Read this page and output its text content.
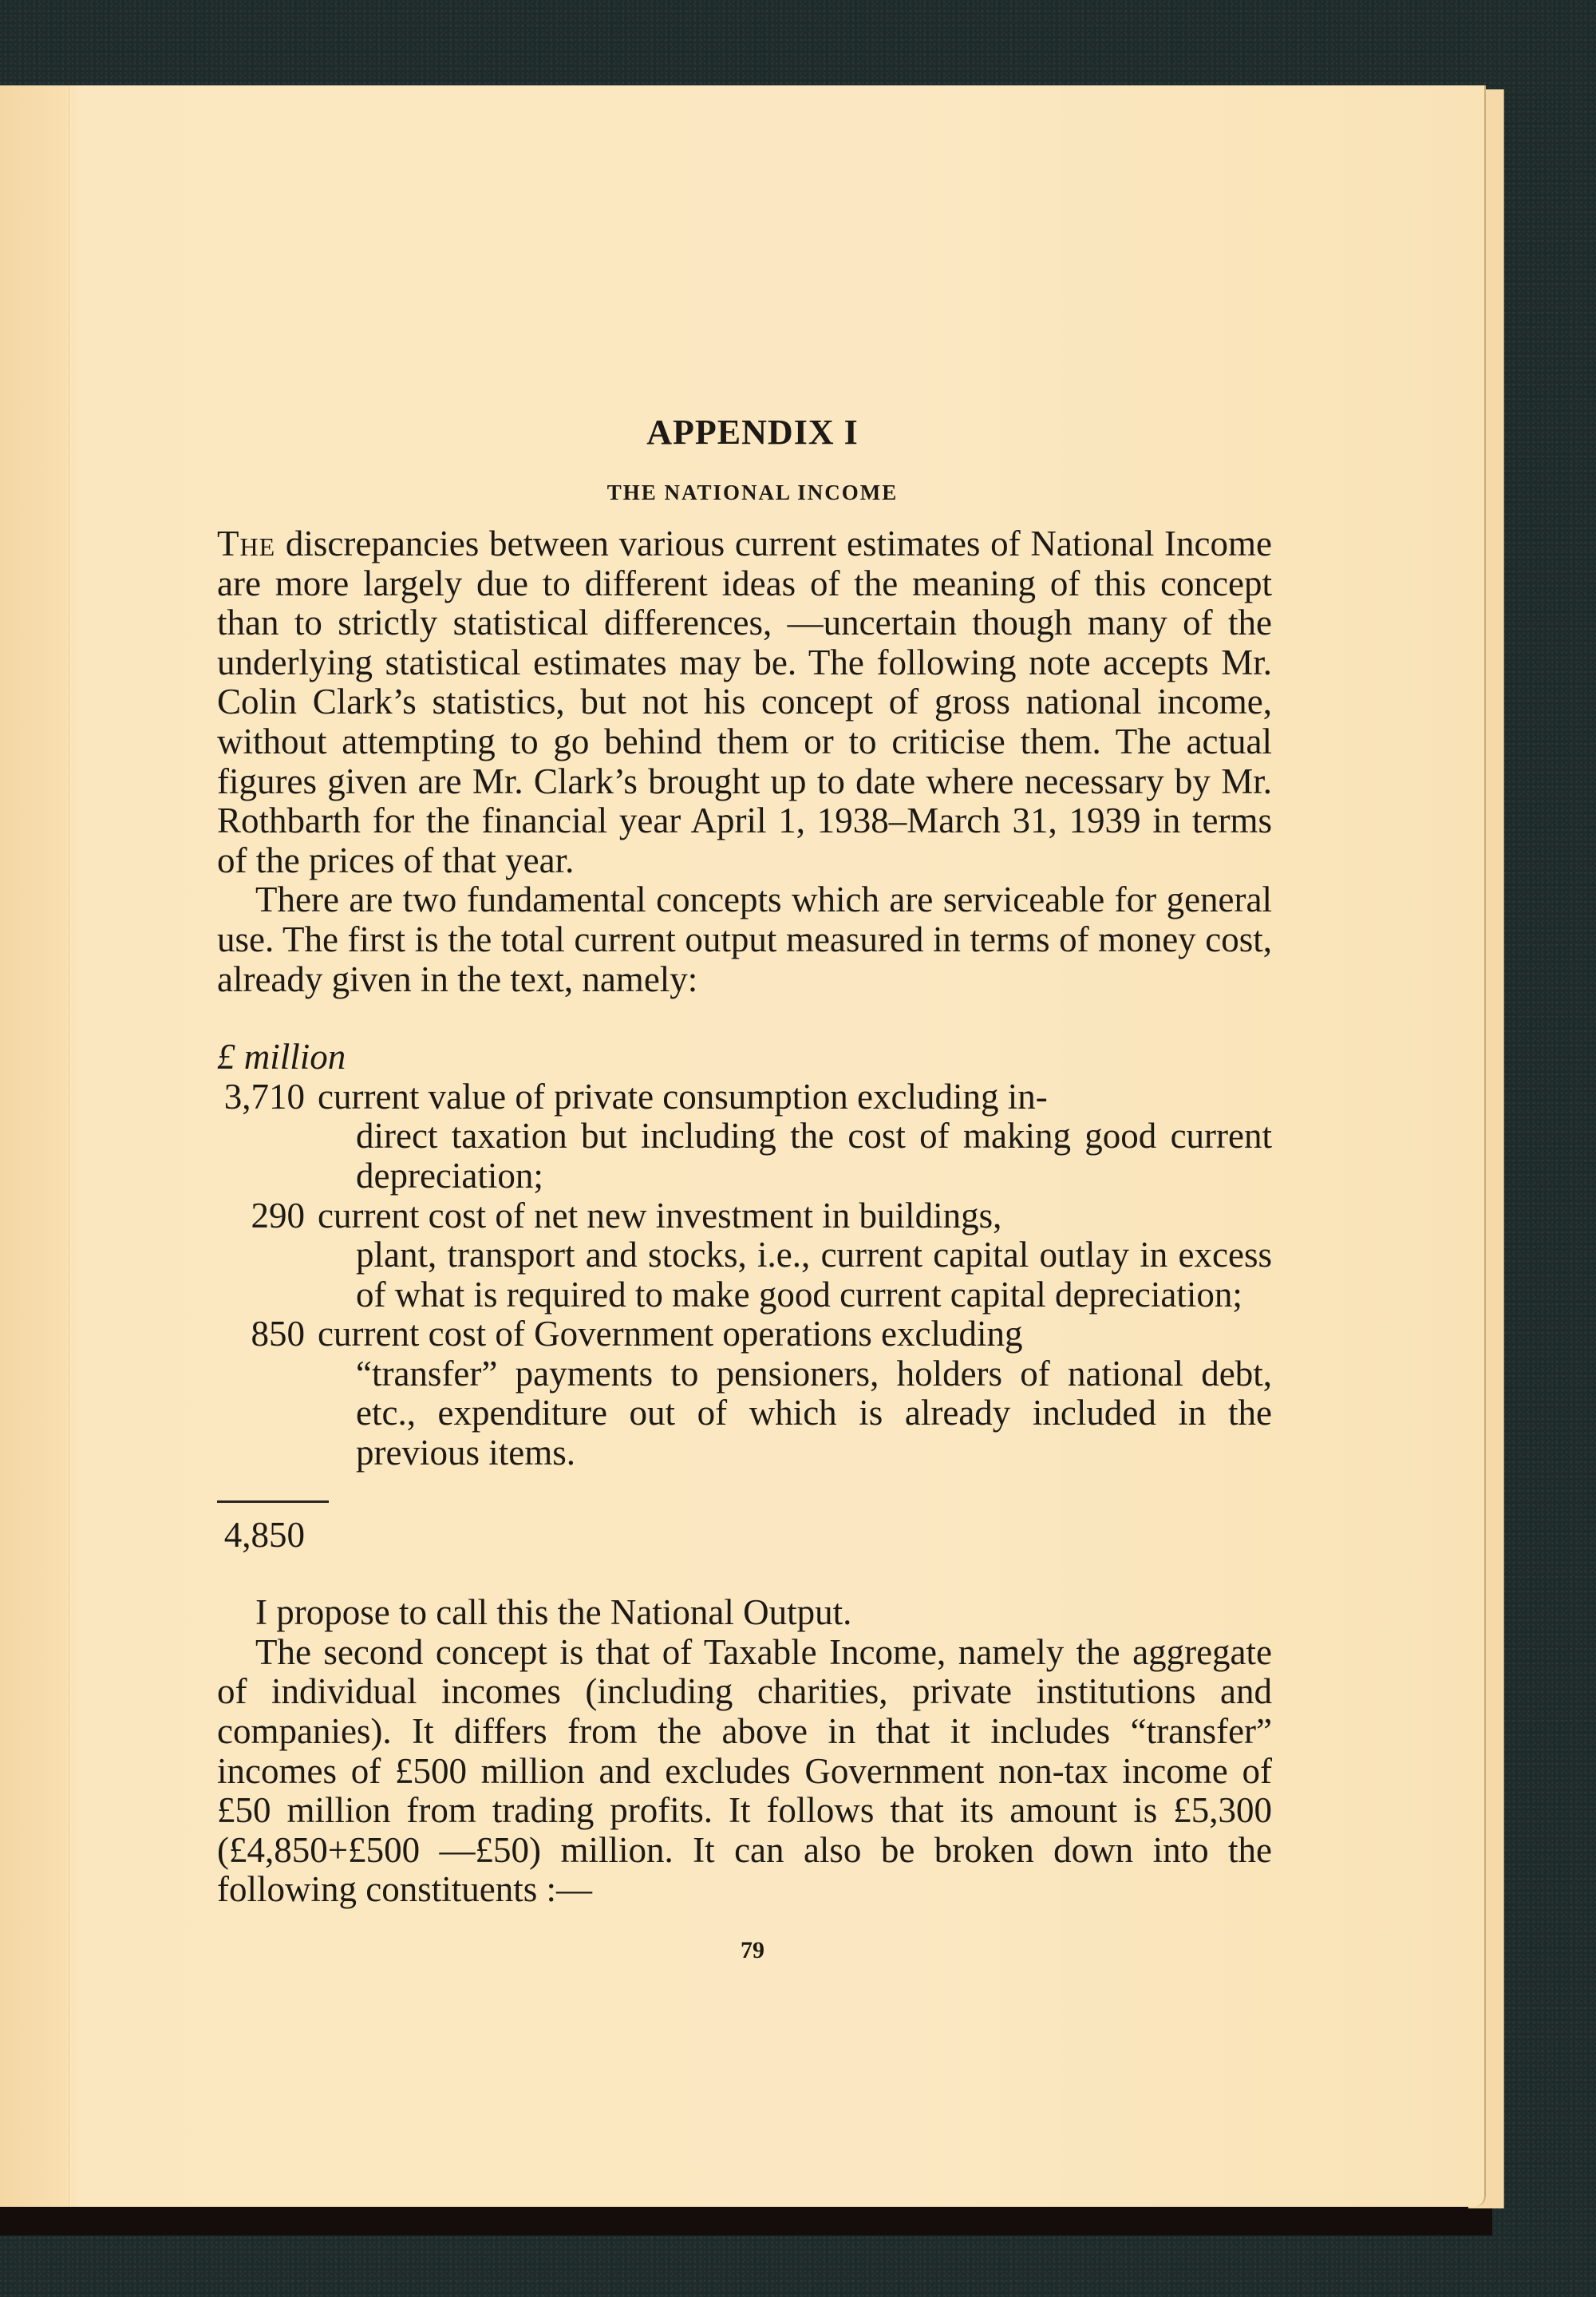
APPENDIX I
THE NATIONAL INCOME

The discrepancies between various current estimates of National Income are more largely due to different ideas of the meaning of this concept than to strictly statistical differences, —uncertain though many of the underlying statistical estimates may be. The following note accepts Mr. Colin Clark’s statistics, but not his concept of gross national income, without attempting to go behind them or to criticise them. The actual figures given are Mr. Clark’s brought up to date where necessary by Mr. Rothbarth for the financial year April 1, 1938–March 31, 1939 in terms of the prices of that year.

There are two fundamental concepts which are serviceable for general use. The first is the total current output measured in terms of money cost, already given in the text, namely:

£ million
3,710 current value of private consumption excluding in-
direct taxation but including the cost of making good current depreciation;
290 current cost of net new investment in buildings,
plant, transport and stocks, i.e., current capital outlay in excess of what is required to make good current capital depreciation;
850 current cost of Government operations excluding
“transfer” payments to pensioners, holders of national debt, etc., expenditure out of which is already included in the previous items.
4,850

I propose to call this the National Output.

The second concept is that of Taxable Income, namely the aggregate of individual incomes (including charities, private institutions and companies). It differs from the above in that it includes “transfer” incomes of £500 million and excludes Government non-tax income of £50 million from trading profits. It follows that its amount is £5,300 (£4,850+£500 —£50) million. It can also be broken down into the following constituents :—

79
